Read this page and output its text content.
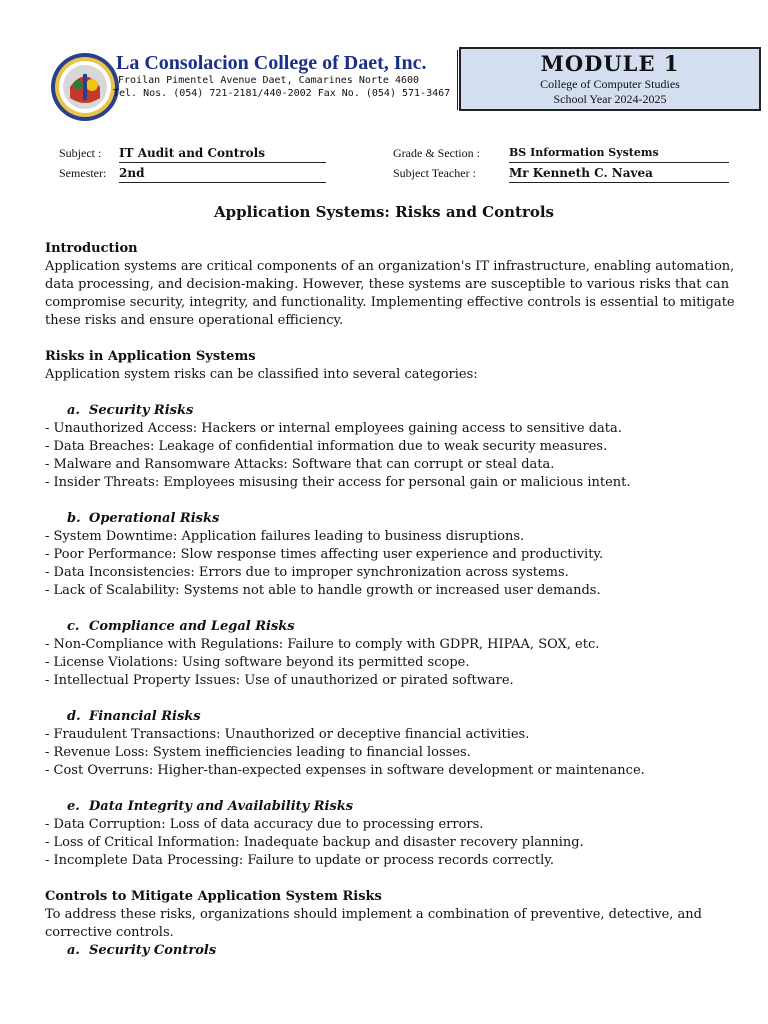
La Consolacion College of Daet, Inc.
Froilan Pimentel Avenue Daet, Camarines Norte 4600
Tel. Nos. (054) 721-2181/440-2002 Fax No. (054) 571-3467
MODULE 1
College of Computer Studies
School Year 2024-2025
Subject : IT Audit and Controls
Semester: 2nd
Grade & Section :	BS Information Systems
Subject Teacher :	Mr Kenneth C. Navea
Application Systems: Risks and Controls

Introduction

Application systems are critical components of an organization's IT infrastructure, enabling automation, data processing, and decision-making. However, these systems are susceptible to various risks that can compromise security, integrity, and functionality. Implementing effective controls is essential to mitigate these risks and ensure operational efficiency.

Risks in Application Systems

Application system risks can be classified into several categories:

a. Security Risks

- Unauthorized Access: Hackers or internal employees gaining access to sensitive data.

- Data Breaches: Leakage of confidential information due to weak security measures.

- Malware and Ransomware Attacks: Software that can corrupt or steal data.

- Insider Threats: Employees misusing their access for personal gain or malicious intent.

b. Operational Risks

- System Downtime: Application failures leading to business disruptions.

- Poor Performance: Slow response times affecting user experience and productivity.

- Data Inconsistencies: Errors due to improper synchronization across systems.

- Lack of Scalability: Systems not able to handle growth or increased user demands.

c. Compliance and Legal Risks

- Non-Compliance with Regulations: Failure to comply with GDPR, HIPAA, SOX, etc.

- License Violations: Using software beyond its permitted scope.

- Intellectual Property Issues: Use of unauthorized or pirated software.

d. Financial Risks

- Fraudulent Transactions: Unauthorized or deceptive financial activities.

- Revenue Loss: System inefficiencies leading to financial losses.

- Cost Overruns: Higher-than-expected expenses in software development or maintenance.

e. Data Integrity and Availability Risks

- Data Corruption: Loss of data accuracy due to processing errors.

- Loss of Critical Information: Inadequate backup and disaster recovery planning.

- Incomplete Data Processing: Failure to update or process records correctly.

Controls to Mitigate Application System Risks

To address these risks, organizations should implement a combination of preventive, detective, and corrective controls.

a. Security Controls
